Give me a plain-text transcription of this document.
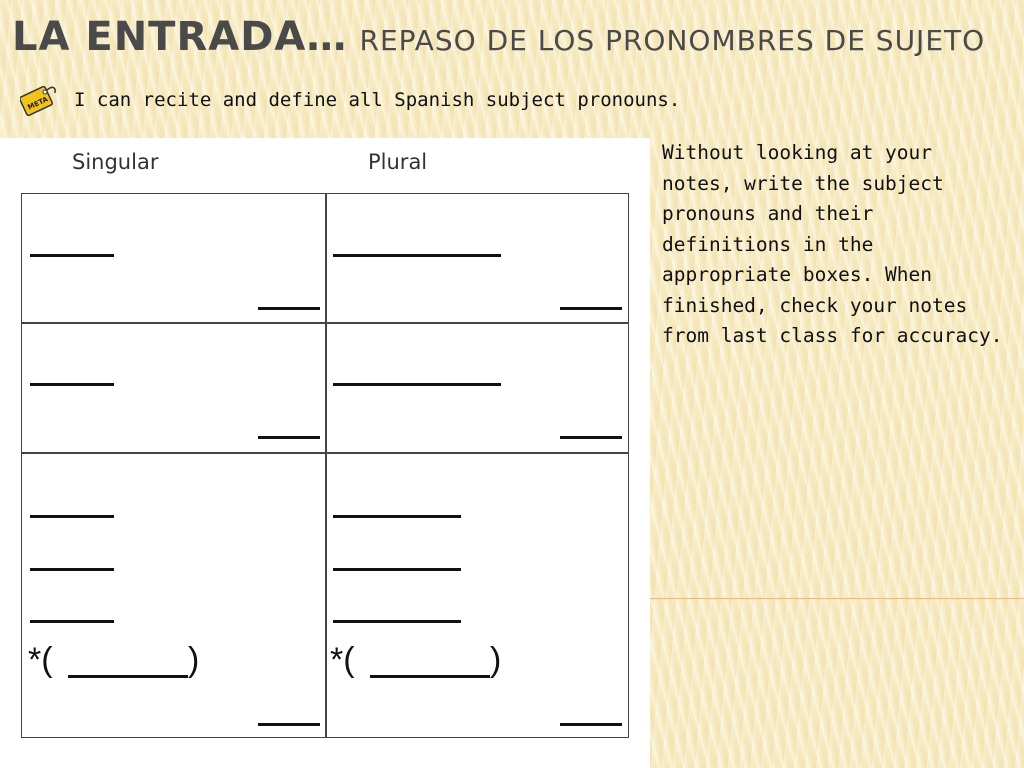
LA ENTRADA… REPASO DE LOS PRONOMBRES DE SUJETO
META I can recite and define all Spanish subject pronouns.
Singular	Plural
*(	)	*(	)

Without looking at your notes, write the subject pronouns and their definitions in the appropriate boxes. When finished, check your notes from last class for accuracy.
